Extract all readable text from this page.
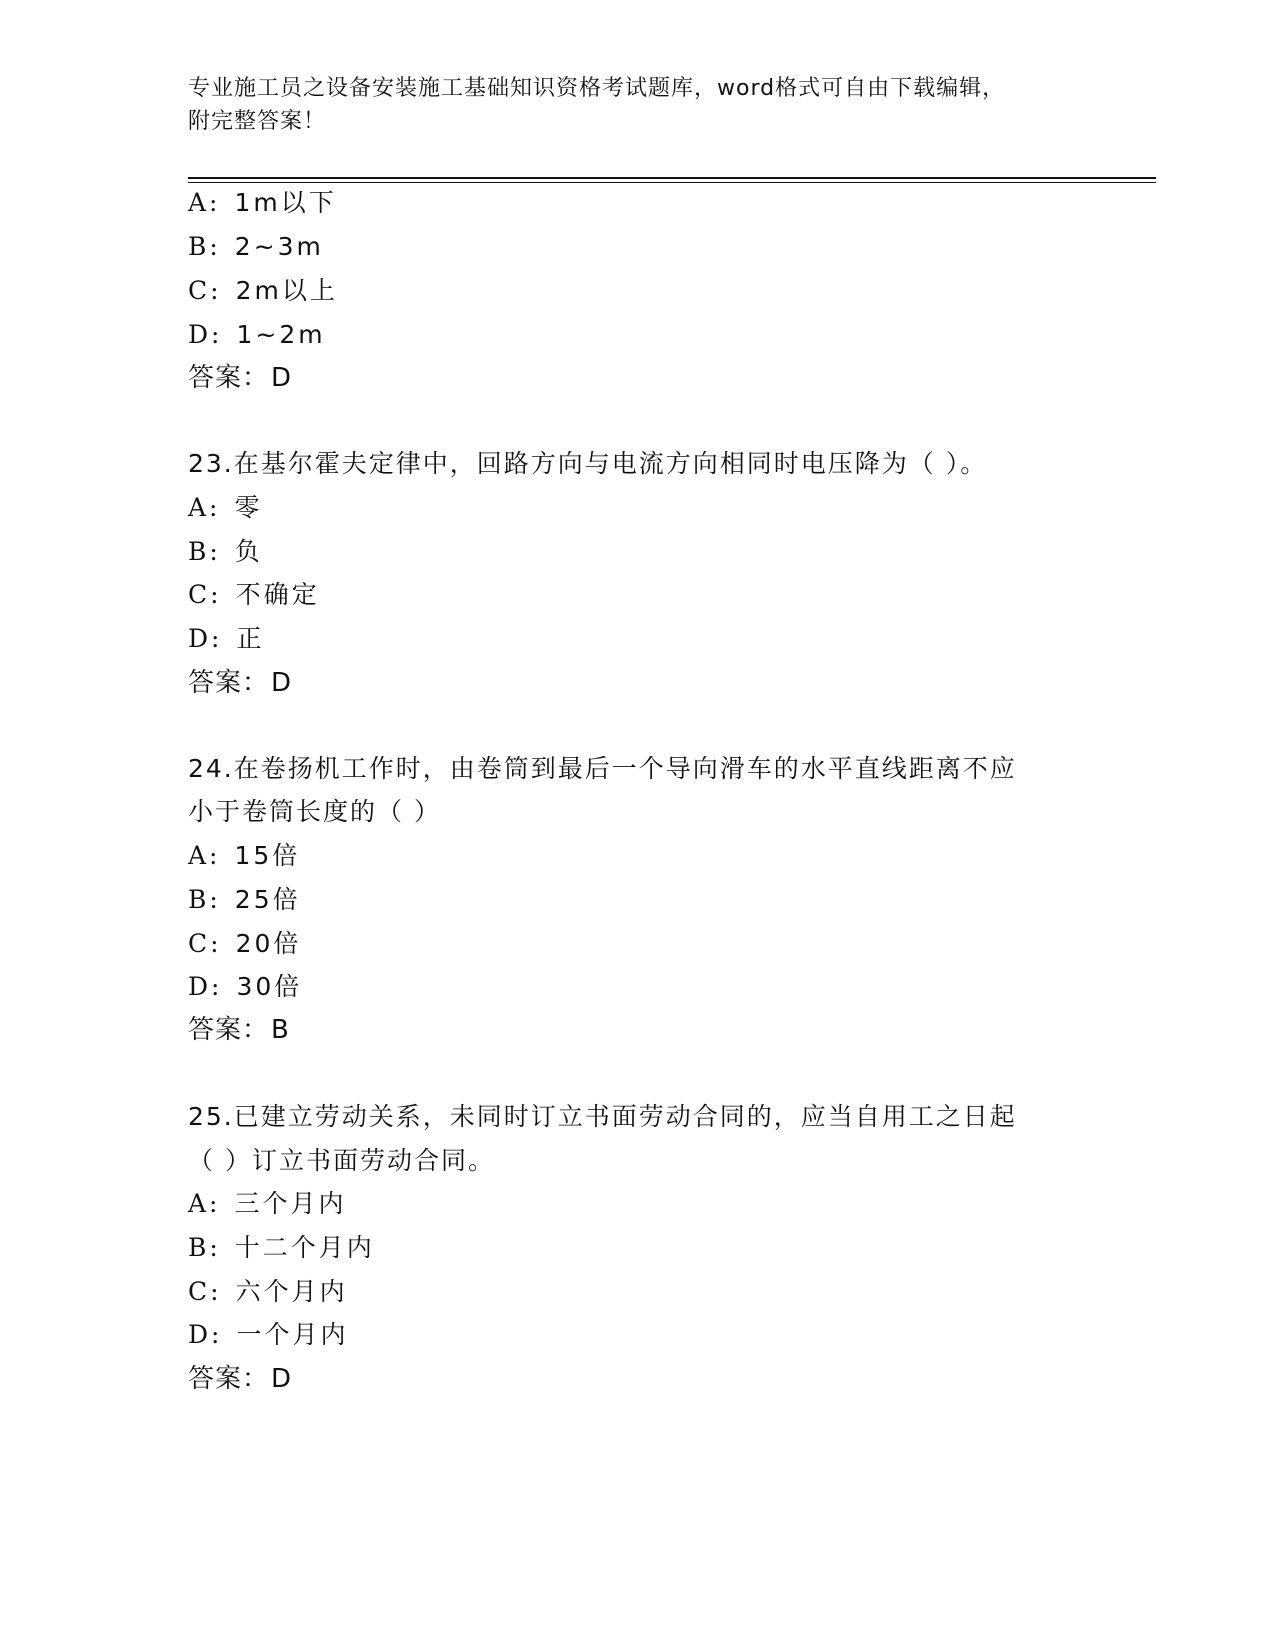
专业施工员之设备安装施工基础知识资格考试题库，word格式可自由下载编辑，
附完整答案！
A: 1m以下
B: 2~3m
C: 2m以上
D: 1~2m
答案：D
23.在基尔霍夫定律中，回路方向与电流方向相同时电压降为（ ）。
A: 零
B: 负
C: 不确定
D: 正
答案：D
24.在卷扬机工作时，由卷筒到最后一个导向滑车的水平直线距离不应
小于卷筒长度的（ ）
A: 15倍
B: 25倍
C: 20倍
D: 30倍
答案：B
25.已建立劳动关系，未同时订立书面劳动合同的，应当自用工之日起
（ ）订立书面劳动合同。
A: 三个月内
B: 十二个月内
C: 六个月内
D: 一个月内
答案：D
